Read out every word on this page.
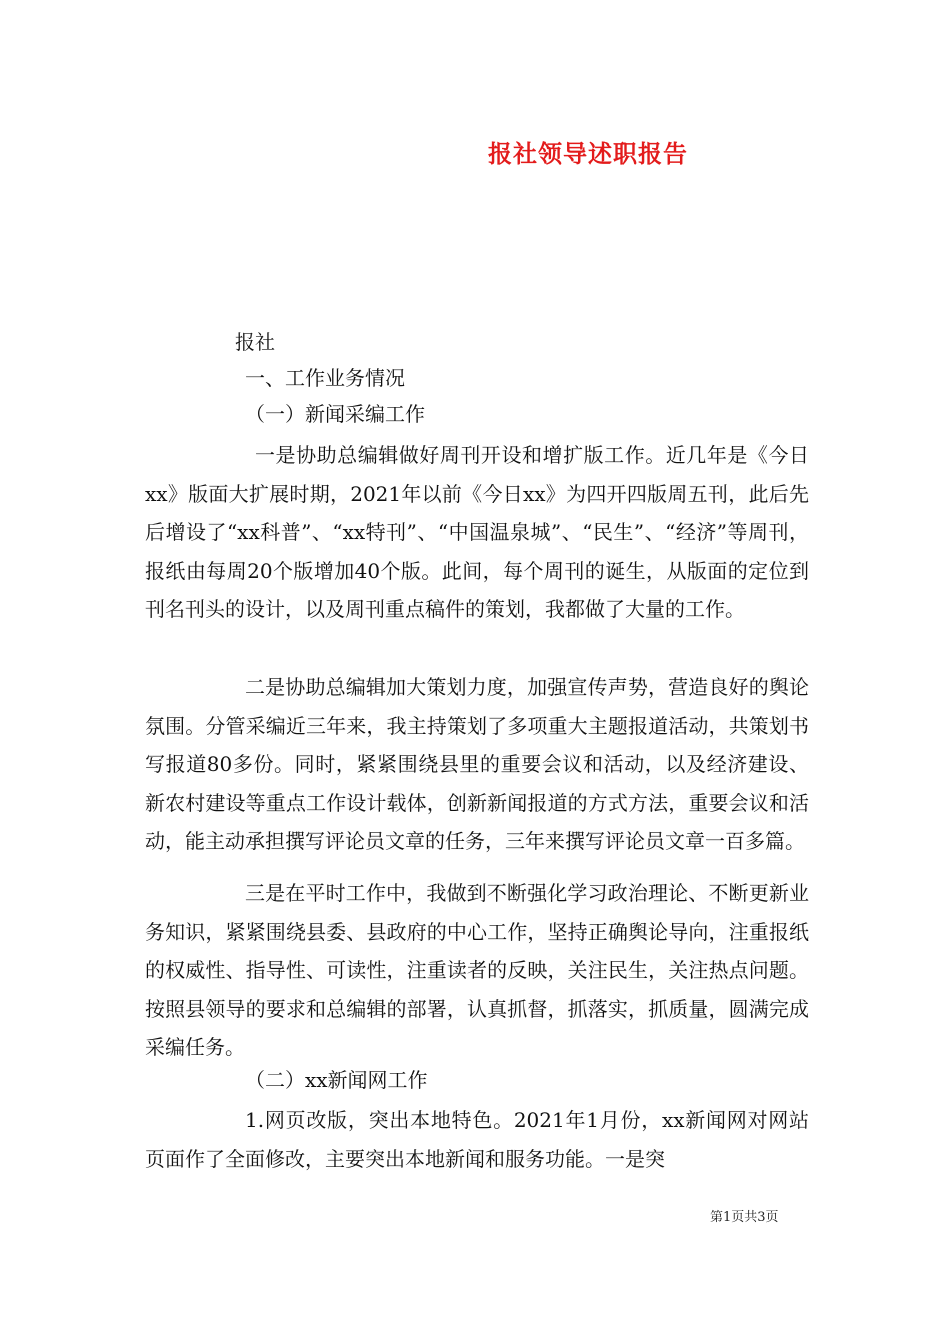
报社领导述职报告
报社
一、工作业务情况
（一）新闻采编工作

一是协助总编辑做好周刊开设和增扩版工作。近几年是《今日xx》版面大扩展时期，2021年以前《今日xx》为四开四版周五刊，此后先后增设了“xx科普”、“xx特刊”、“中国温泉城”、“民生”、“经济”等周刊，报纸由每周20个版增加40个版。此间，每个周刊的诞生，从版面的定位到刊名刊头的设计，以及周刊重点稿件的策划，我都做了大量的工作。

二是协助总编辑加大策划力度，加强宣传声势，营造良好的舆论氛围。分管采编近三年来，我主持策划了多项重大主题报道活动，共策划书写报道80多份。同时，紧紧围绕县里的重要会议和活动，以及经济建设、新农村建设等重点工作设计载体，创新新闻报道的方式方法，重要会议和活动，能主动承担撰写评论员文章的任务，三年来撰写评论员文章一百多篇。

三是在平时工作中，我做到不断强化学习政治理论、不断更新业务知识，紧紧围绕县委、县政府的中心工作，坚持正确舆论导向，注重报纸的权威性、指导性、可读性，注重读者的反映，关注民生，关注热点问题。按照县领导的要求和总编辑的部署，认真抓督，抓落实，抓质量，圆满完成采编任务。

（二）xx新闻网工作

1.网页改版，突出本地特色。2021年1月份，xx新闻网对网站页面作了全面修改，主要突出本地新闻和服务功能。一是突

第1页共3页
